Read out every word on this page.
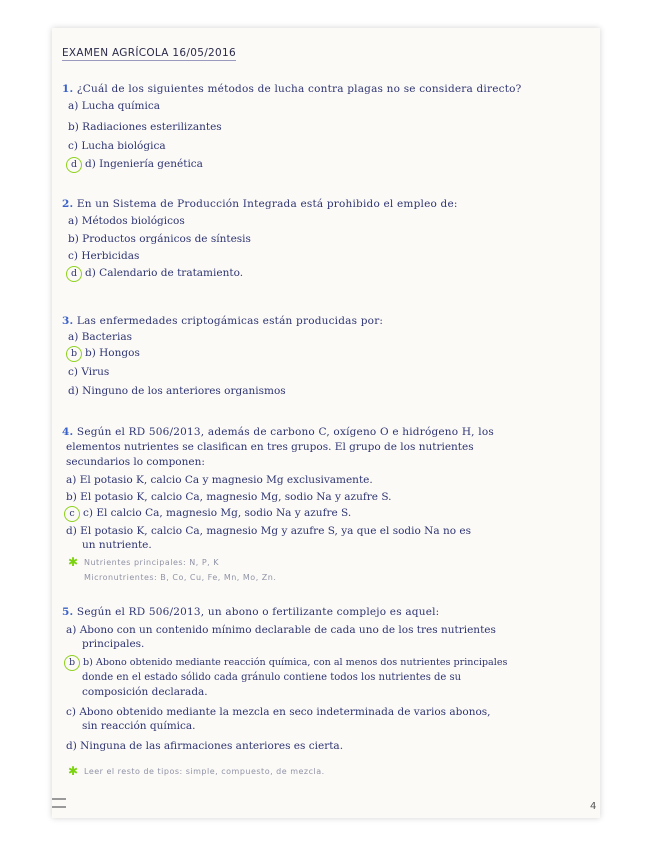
EXAMEN AGRÍCOLA 16/05/2016
1. ¿Cuál de los siguientes métodos de lucha contra plagas no se considera directo?
a) Lucha química
b) Radiaciones esterilizantes
c) Lucha biológica
d d) Ingeniería genética
2. En un Sistema de Producción Integrada está prohibido el empleo de:
a) Métodos biológicos
b) Productos orgánicos de síntesis
c) Herbicidas
d d) Calendario de tratamiento.
3. Las enfermedades criptogámicas están producidas por:
a) Bacterias
b b) Hongos
c) Virus
d) Ninguno de los anteriores organismos
4. Según el RD 506/2013, además de carbono C, oxígeno O e hidrógeno H, los
elementos nutrientes se clasifican en tres grupos. El grupo de los nutrientes
secundarios lo componen:
a) El potasio K, calcio Ca y magnesio Mg exclusivamente.
b) El potasio K, calcio Ca, magnesio Mg, sodio Na y azufre S.
c c) El calcio Ca, magnesio Mg, sodio Na y azufre S.
d) El potasio K, calcio Ca, magnesio Mg y azufre S, ya que el sodio Na no es
un nutriente.
✱ Nutrientes principales: N, P, K
Micronutrientes: B, Co, Cu, Fe, Mn, Mo, Zn.
5. Según el RD 506/2013, un abono o fertilizante complejo es aquel:
a) Abono con un contenido mínimo declarable de cada uno de los tres nutrientes
principales.
b b) Abono obtenido mediante reacción química, con al menos dos nutrientes principales
donde en el estado sólido cada gránulo contiene todos los nutrientes de su
composición declarada.
c) Abono obtenido mediante la mezcla en seco indeterminada de varios abonos,
sin reacción química.
d) Ninguna de las afirmaciones anteriores es cierta.
✱ Leer el resto de tipos: simple, compuesto, de mezcla.
4
